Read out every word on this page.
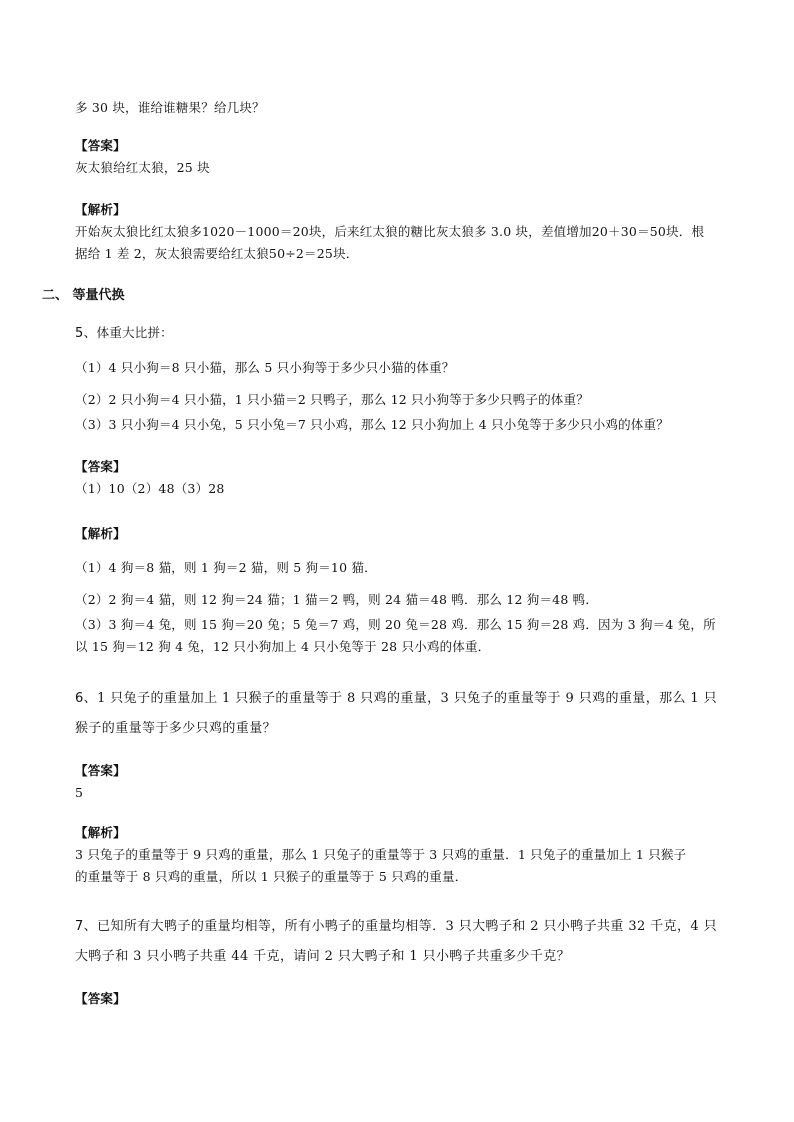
多 30 块，谁给谁糖果？给几块？
【答案】
灰太狼给红太狼，25 块
【解析】
开始灰太狼比红太狼多1020－1000＝20块，后来红太狼的糖比灰太狼多 3.0 块，差值增加20＋30＝50块．根
据给 1 差 2，灰太狼需要给红太狼50÷2＝25块．
二、 等量代换
5、体重大比拼：
（1）4 只小狗＝8 只小猫，那么 5 只小狗等于多少只小猫的体重？
（2）2 只小狗＝4 只小猫，1 只小猫＝2 只鸭子，那么 12 只小狗等于多少只鸭子的体重？
（3）3 只小狗＝4 只小兔，5 只小兔＝7 只小鸡，那么 12 只小狗加上 4 只小兔等于多少只小鸡的体重？
【答案】
（1）10（2）48（3）28
【解析】
（1）4 狗＝8 猫，则 1 狗＝2 猫，则 5 狗＝10 猫．
（2）2 狗＝4 猫，则 12 狗＝24 猫；1 猫＝2 鸭，则 24 猫＝48 鸭．那么 12 狗＝48 鸭．
（3）3 狗＝4 兔，则 15 狗＝20 兔；5 兔＝7 鸡，则 20 兔＝28 鸡．那么 15 狗＝28 鸡．因为 3 狗＝4 兔，所
以 15 狗＝12 狗 4 兔，12 只小狗加上 4 只小兔等于 28 只小鸡的体重．
6、1 只兔子的重量加上 1 只猴子的重量等于 8 只鸡的重量，3 只兔子的重量等于 9 只鸡的重量，那么 1 只
猴子的重量等于多少只鸡的重量？
【答案】
5
【解析】
3 只兔子的重量等于 9 只鸡的重量，那么 1 只兔子的重量等于 3 只鸡的重量．1 只兔子的重量加上 1 只猴子
的重量等于 8 只鸡的重量，所以 1 只猴子的重量等于 5 只鸡的重量．
7、已知所有大鸭子的重量均相等，所有小鸭子的重量均相等．3 只大鸭子和 2 只小鸭子共重 32 千克，4 只
大鸭子和 3 只小鸭子共重 44 千克，请问 2 只大鸭子和 1 只小鸭子共重多少千克？
【答案】
